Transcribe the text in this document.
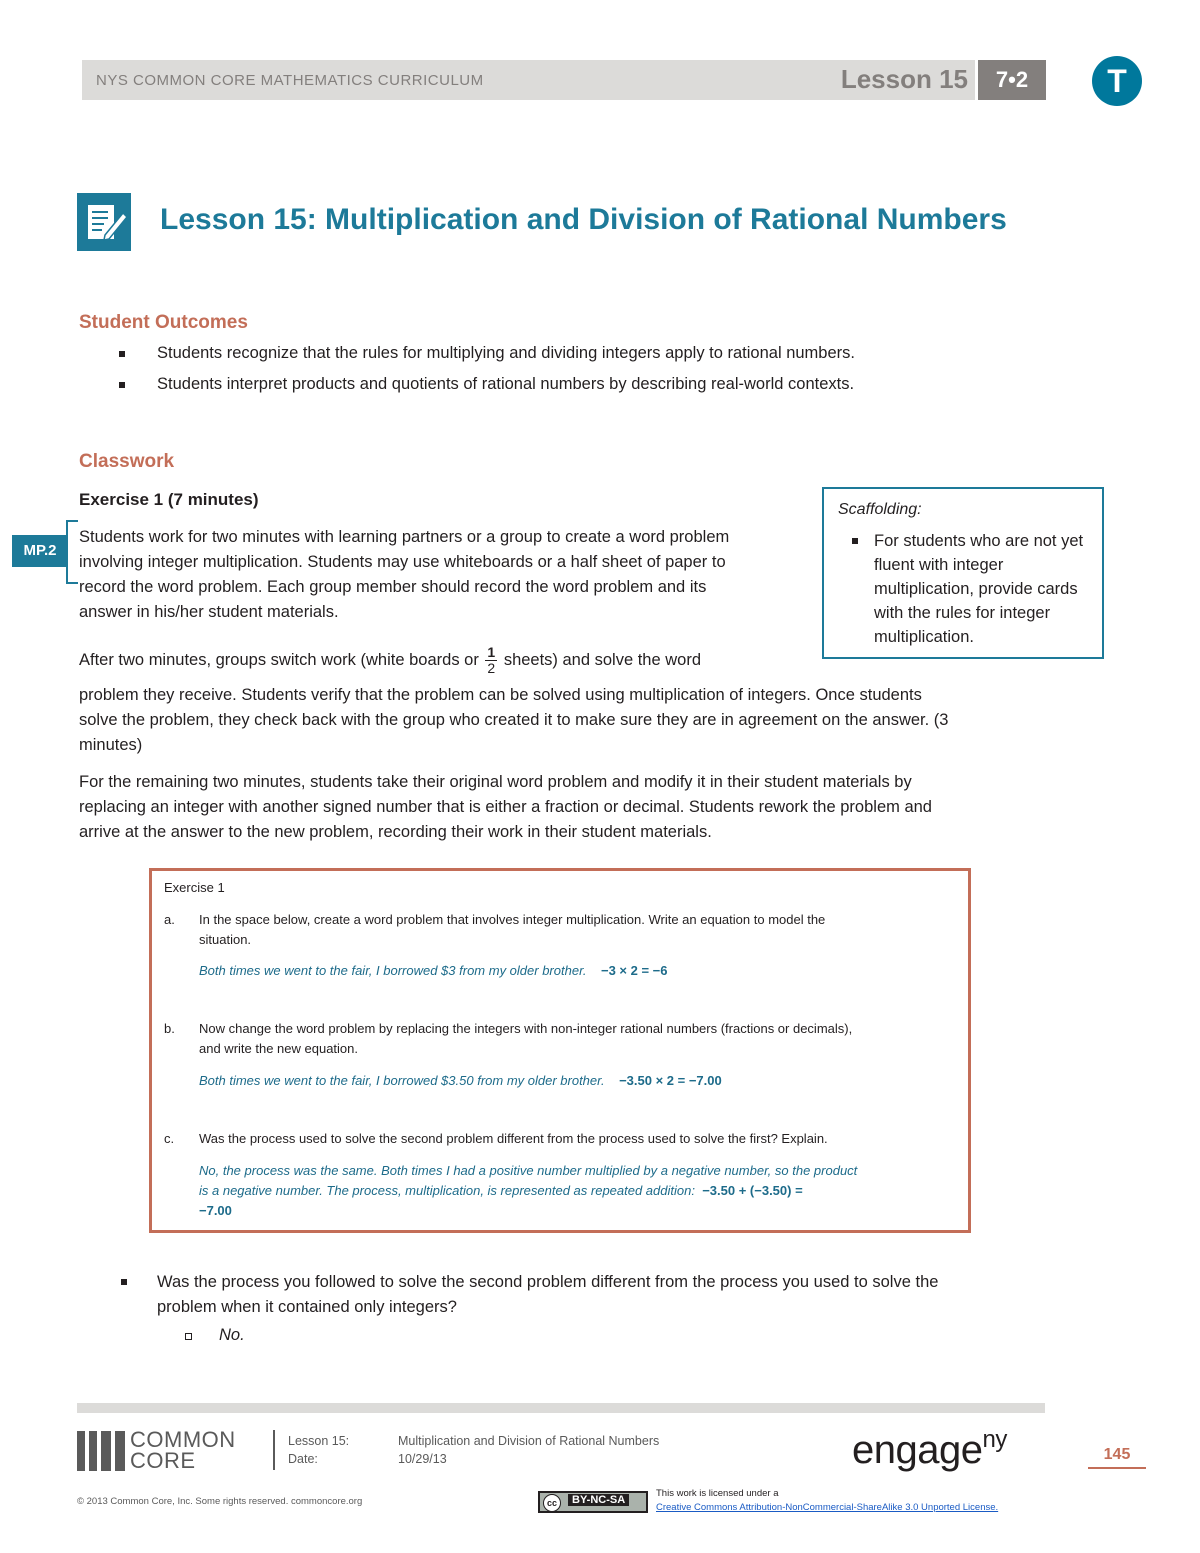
NYS COMMON CORE MATHEMATICS CURRICULUM	Lesson 15	7•2	T
Lesson 15: Multiplication and Division of Rational Numbers
Student Outcomes
Students recognize that the rules for multiplying and dividing integers apply to rational numbers.
Students interpret products and quotients of rational numbers by describing real-world contexts.
Classwork
Exercise 1 (7 minutes)
MP.2
Students work for two minutes with learning partners or a group to create a word problem
involving integer multiplication. Students may use whiteboards or a half sheet of paper to
record the word problem. Each group member should record the word problem and its
answer in his/her student materials.
After two minutes, groups switch work (white boards or $\frac{1}{2}$ sheets) and solve the word
problem they receive. Students verify that the problem can be solved using multiplication of integers. Once students
solve the problem, they check back with the group who created it to make sure they are in agreement on the answer. (3
minutes)
For the remaining two minutes, students take their original word problem and modify it in their student materials by
replacing an integer with another signed number that is either a fraction or decimal. Students rework the problem and
arrive at the answer to the new problem, recording their work in their student materials.
Scaffolding:
For students who are not yet fluent with integer multiplication, provide cards with the rules for integer multiplication.
Exercise 1
a. In the space below, create a word problem that involves integer multiplication. Write an equation to model the
situation.
Both times we went to the fair, I borrowed $3 from my older brother. −3 × 2 = −6
b. Now change the word problem by replacing the integers with non-integer rational numbers (fractions or decimals),
and write the new equation.
Both times we went to the fair, I borrowed $3.50 from my older brother. −3.50 × 2 = −7.00
c. Was the process used to solve the second problem different from the process used to solve the first? Explain.
No, the process was the same. Both times I had a positive number multiplied by a negative number, so the product
is a negative number. The process, multiplication, is represented as repeated addition: −3.50 + (−3.50) =
−7.00
Was the process you followed to solve the second problem different from the process you used to solve the
problem when it contained only integers?
No.
COMMON
CORE
Lesson 15:	Multiplication and Division of Rational Numbers
Date:	10/29/13	engage$^{ny}$
145
© 2013 Common Core, Inc. Some rights reserved. commoncore.org	cc	BY-NC-SA
This work is licensed under a
Creative Commons Attribution-NonCommercial-ShareAlike 3.0 Unported License.
